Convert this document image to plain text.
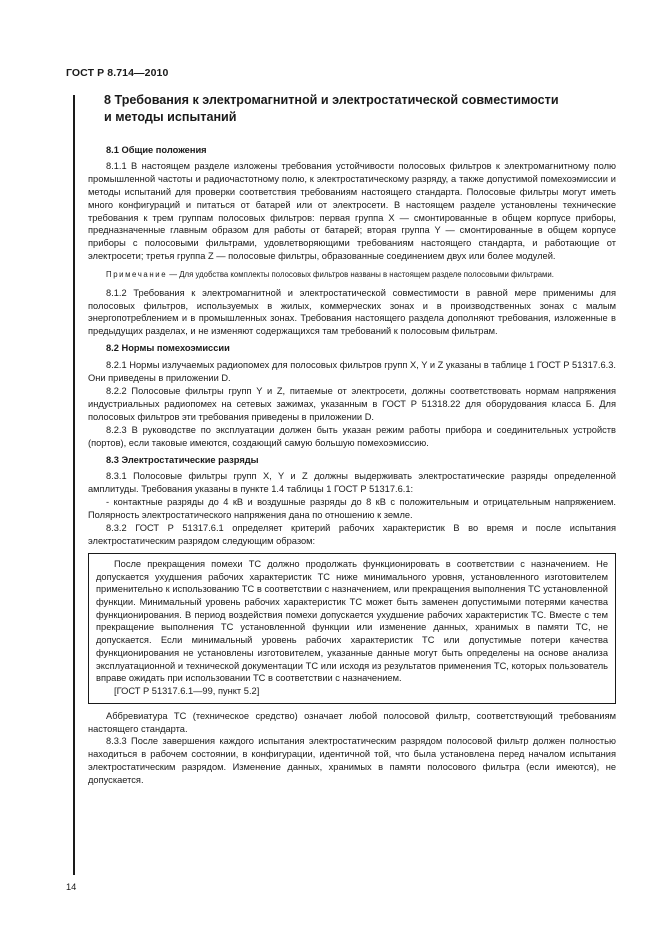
ГОСТ Р 8.714—2010
8 Требования к электромагнитной и электростатической совместимости
и методы испытаний
8.1 Общие положения

8.1.1 В настоящем разделе изложены требования устойчивости полосовых фильтров к электромагнитному полю промышленной частоты и радиочастотному полю, к электростатическому разряду, а также допустимой помехоэмиссии и методы испытаний для проверки соответствия требованиям настоящего стандарта. Полосовые фильтры могут иметь много конфигураций и питаться от батарей или от электросети. В настоящем разделе установлены технические требования к трем группам полосовых фильтров: первая группа X — смонтированные в общем корпусе приборы, предназначенные главным образом для работы от батарей; вторая группа Y — смонтированные в общем корпусе приборы с полосовыми фильтрами, удовлетворяющими требованиям настоящего стандарта, и работающие от электросети; третья группа Z — полосовые фильтры, образованные соединением двух или более модулей.

Примечание — Для удобства комплекты полосовых фильтров названы в настоящем разделе полосовыми фильтрами.

8.1.2 Требования к электромагнитной и электростатической совместимости в равной мере применимы для полосовых фильтров, используемых в жилых, коммерческих зонах и в производственных зонах с малым энергопотреблением и в промышленных зонах. Требования настоящего раздела дополняют требования, изложенные в предыдущих разделах, и не изменяют содержащихся там требований к полосовым фильтрам.

8.2 Нормы помехоэмиссии

8.2.1 Нормы излучаемых радиопомех для полосовых фильтров групп X, Y и Z указаны в таблице 1 ГОСТ Р 51317.6.3. Они приведены в приложении D.

8.2.2 Полосовые фильтры групп Y и Z, питаемые от электросети, должны соответствовать нормам напряжения индустриальных радиопомех на сетевых зажимах, указанным в ГОСТ Р 51318.22 для оборудования класса Б. Для полосовых фильтров эти требования приведены в приложении D.

8.2.3 В руководстве по эксплуатации должен быть указан режим работы прибора и соединительных устройств (портов), если таковые имеются, создающий самую большую помехоэмиссию.

8.3 Электростатические разряды

8.3.1 Полосовые фильтры групп X, Y и Z должны выдерживать электростатические разряды определенной амплитуды. Требования указаны в пункте 1.4 таблицы 1 ГОСТ Р 51317.6.1:

- контактные разряды до 4 кВ и воздушные разряды до 8 кВ с положительным и отрицательным напряжением. Полярность электростатического напряжения дана по отношению к земле.

8.3.2 ГОСТ Р 51317.6.1 определяет критерий рабочих характеристик B во время и после испытания электростатическим разрядом следующим образом:

После прекращения помехи ТС должно продолжать функционировать в соответствии с назначением. Не допускается ухудшения рабочих характеристик ТС ниже минимального уровня, установленного изготовителем применительно к использованию ТС в соответствии с назначением, или прекращения выполнения ТС установленной функции. Минимальный уровень рабочих характеристик ТС может быть заменен допустимыми потерями качества функционирования. В период воздействия помехи допускается ухудшение рабочих характеристик ТС. Вместе с тем прекращение выполнения ТС установленной функции или изменение данных, хранимых в памяти ТС, не допускается. Если минимальный уровень рабочих характеристик ТС или допустимые потери качества функционирования не установлены изготовителем, указанные данные могут быть определены на основе анализа эксплуатационной и технической документации ТС или исходя из результатов применения ТС, которых пользователь вправе ожидать при использовании ТС в соответствии с назначением.

[ГОСТ Р 51317.6.1—99, пункт 5.2]

Аббревиатура ТС (техническое средство) означает любой полосовой фильтр, соответствующий требованиям настоящего стандарта.

8.3.3 После завершения каждого испытания электростатическим разрядом полосовой фильтр должен полностью находиться в рабочем состоянии, в конфигурации, идентичной той, что была установлена перед началом испытания электростатическим разрядом. Изменение данных, хранимых в памяти полосового фильтра (если имеются), не допускается.

14
